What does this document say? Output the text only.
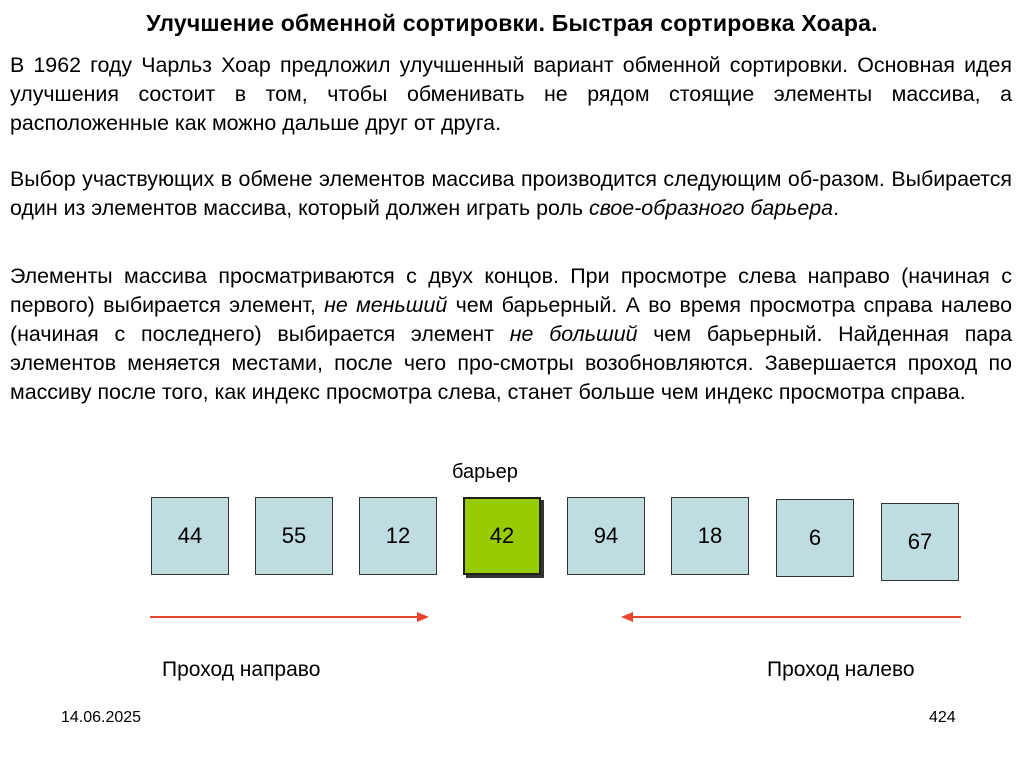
Улучшение обменной сортировки. Быстрая сортировка Хоара.

В 1962 году Чарльз Хоар предложил улучшенный вариант обменной сортировки. Основная идея улучшения состоит в том, чтобы обменивать не рядом стоящие элементы массива, а расположенные как можно дальше друг от друга.

Выбор участвующих в обмене элементов массива производится следующим об-разом. Выбирается один из элементов массива, который должен играть роль свое-образного барьера.

Элементы массива просматриваются с двух концов. При просмотре слева направо (начиная с первого) выбирается элемент, не меньший чем барьерный. А во время просмотра справа налево (начиная с последнего) выбирается элемент не больший чем барьерный. Найденная пара элементов меняется местами, после чего про-смотры возобновляются. Завершается проход по массиву после того, как индекс просмотра слева, станет больше чем индекс просмотра справа.

барьер
44	55	12	42	94	18	6	67
Проход направо	Проход налево
14.06.2025	424
